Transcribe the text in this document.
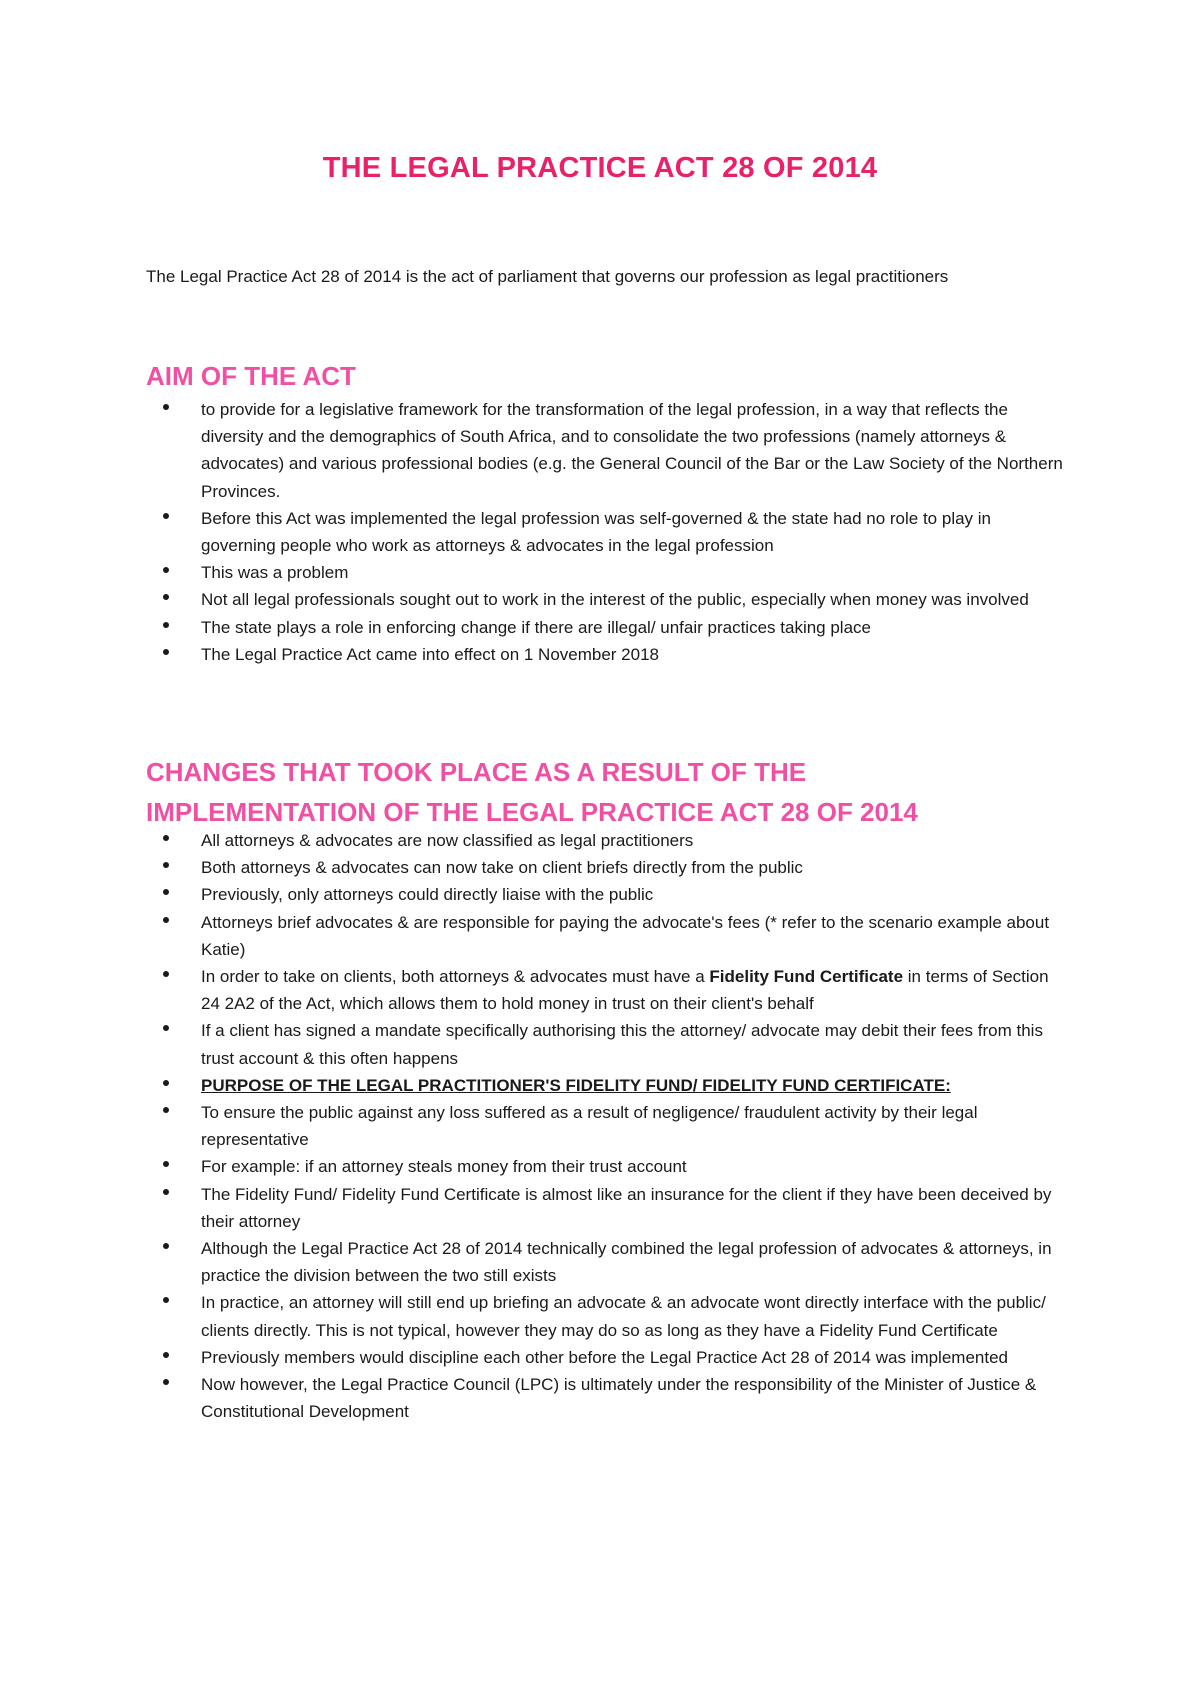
THE LEGAL PRACTICE ACT 28 OF 2014
The Legal Practice Act 28 of 2014 is the act of parliament that governs our profession as legal practitioners
AIM OF THE ACT
to provide for a legislative framework for the transformation of the legal profession, in a way that reflects the diversity and the demographics of South Africa, and to consolidate the two professions (namely attorneys & advocates) and various professional bodies (e.g. the General Council of the Bar or the Law Society of the Northern Provinces.
Before this Act was implemented the legal profession was self-governed & the state had no role to play in governing people who work as attorneys & advocates in the legal profession
This was a problem
Not all legal professionals sought out to work in the interest of the public, especially when money was involved
The state plays a role in enforcing change if there are illegal/ unfair practices taking place
The Legal Practice Act came into effect on 1 November 2018
CHANGES THAT TOOK PLACE AS A RESULT OF THE
IMPLEMENTATION OF THE LEGAL PRACTICE ACT 28 OF 2014
All attorneys & advocates are now classified as legal practitioners
Both attorneys & advocates can now take on client briefs directly from the public
Previously, only attorneys could directly liaise with the public
Attorneys brief advocates & are responsible for paying the advocate's fees (* refer to the scenario example about Katie)
In order to take on clients, both attorneys & advocates must have a Fidelity Fund Certificate in terms of Section 24 2A2 of the Act, which allows them to hold money in trust on their client's behalf
If a client has signed a mandate specifically authorising this the attorney/ advocate may debit their fees from this trust account & this often happens
PURPOSE OF THE LEGAL PRACTITIONER'S FIDELITY FUND/ FIDELITY FUND CERTIFICATE:
To ensure the public against any loss suffered as a result of negligence/ fraudulent activity by their legal representative
For example: if an attorney steals money from their trust account
The Fidelity Fund/ Fidelity Fund Certificate is almost like an insurance for the client if they have been deceived by their attorney
Although the Legal Practice Act 28 of 2014 technically combined the legal profession of advocates & attorneys, in practice the division between the two still exists
In practice, an attorney will still end up briefing an advocate & an advocate wont directly interface with the public/ clients directly. This is not typical, however they may do so as long as they have a Fidelity Fund Certificate
Previously members would discipline each other before the Legal Practice Act 28 of 2014 was implemented
Now however, the Legal Practice Council (LPC) is ultimately under the responsibility of the Minister of Justice & Constitutional Development
